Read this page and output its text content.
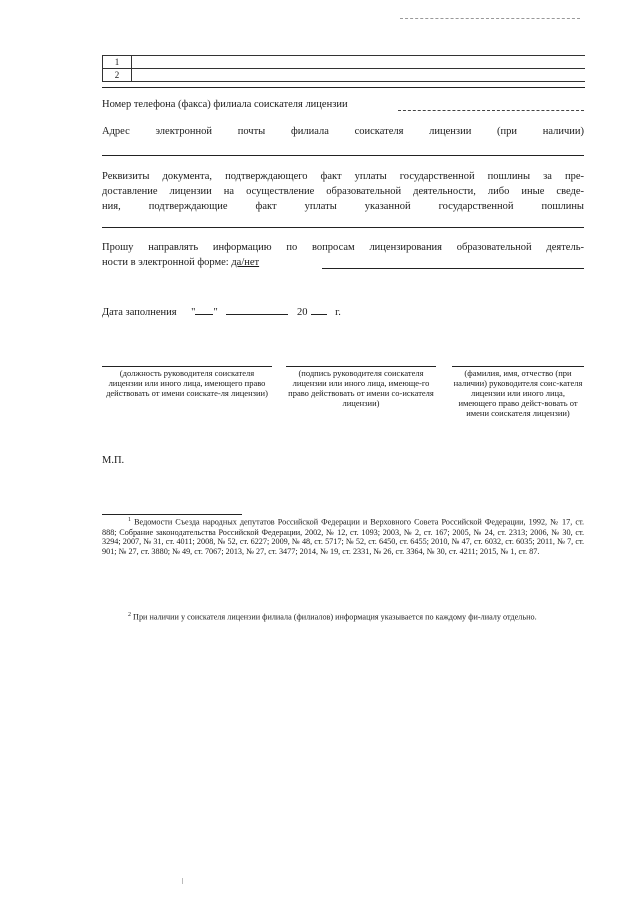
1
2
Номер телефона (факса) филиала соискателя лицензии
Адрес электронной почты филиала соискателя лицензии (при наличии)
Реквизиты документа, подтверждающего факт уплаты государственной пошлины за пре-
доставление лицензии на осуществление образовательной деятельности, либо иные сведе-
ния, подтверждающие факт уплаты указанной государственной пошлины
Прошу направлять информацию по вопросам лицензирования образовательной деятель-
ности в электронной форме: да/нет
Дата заполнения " "	20	г.
(должность руководителя соискателя лицензии или иного лица, имеющего право действовать от имени соискате-ля лицензии)
(подпись руководителя соискателя лицензии или иного лица, имеюще-го право действовать от имени со-искателя лицензии)
(фамилия, имя, отчество (при наличии) руководителя соис-кателя лицензии или иного лица, имеющего право дейст-вовать от имени соискателя лицензии)
М.П.
$^1$ Ведомости Съезда народных депутатов Российской Федерации и Верховного Совета Российской Федерации, 1992, № 17, ст. 888; Собрание законодательства Российской Федерации, 2002, № 12, ст. 1093; 2003, № 2, ст. 167; 2005, № 24, ст. 2313; 2006, № 30, ст. 3294; 2007, № 31, ст. 4011; 2008, № 52, ст. 6227; 2009, № 48, ст. 5717; № 52, ст. 6450, ст. 6455; 2010, № 47, ст. 6032, ст. 6035; 2011, № 7, ст. 901; № 27, ст. 3880; № 49, ст. 7067; 2013, № 27, ст. 3477; 2014, № 19, ст. 2331, № 26, ст. 3364, № 30, ст. 4211; 2015, № 1, ст. 87.
$^2$ При наличии у соискателя лицензии филиала (филиалов) информация указывается по каждому фи-лиалу отдельно.
